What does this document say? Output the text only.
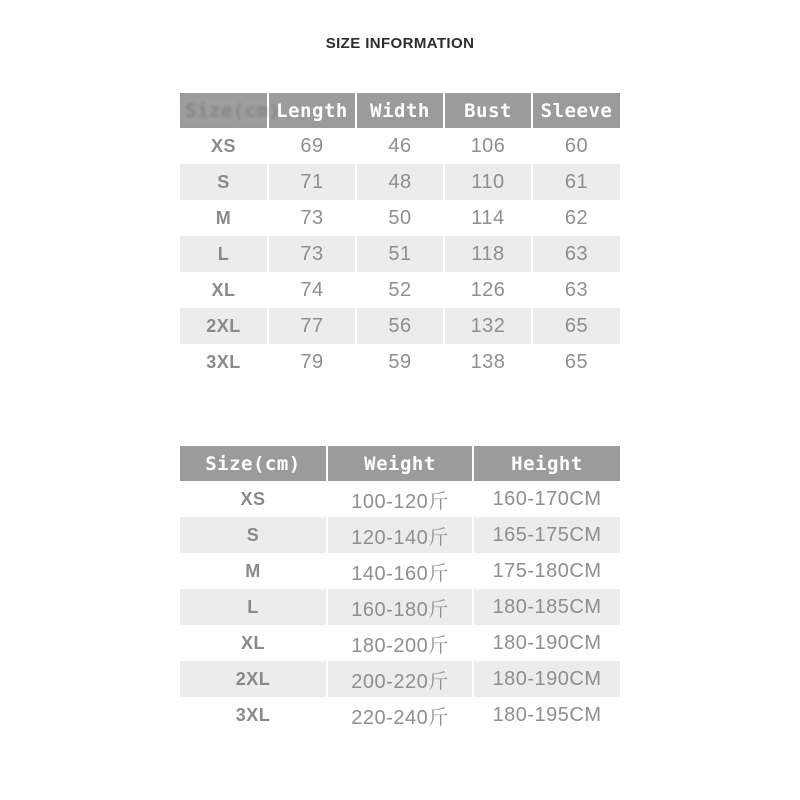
SIZE INFORMATION
Size(cm)	Length	Width	Bust	Sleeve
XS	69	46	106	60
S	71	48	110	61
M	73	50	114	62
L	73	51	118	63
XL	74	52	126	63
2XL	77	56	132	65
3XL	79	59	138	65
Size(cm)	Weight	Height
XS	100-120斤	160-170CM
S	120-140斤	165-175CM
M	140-160斤	175-180CM
L	160-180斤	180-185CM
XL	180-200斤	180-190CM
2XL	200-220斤	180-190CM
3XL	220-240斤	180-195CM
